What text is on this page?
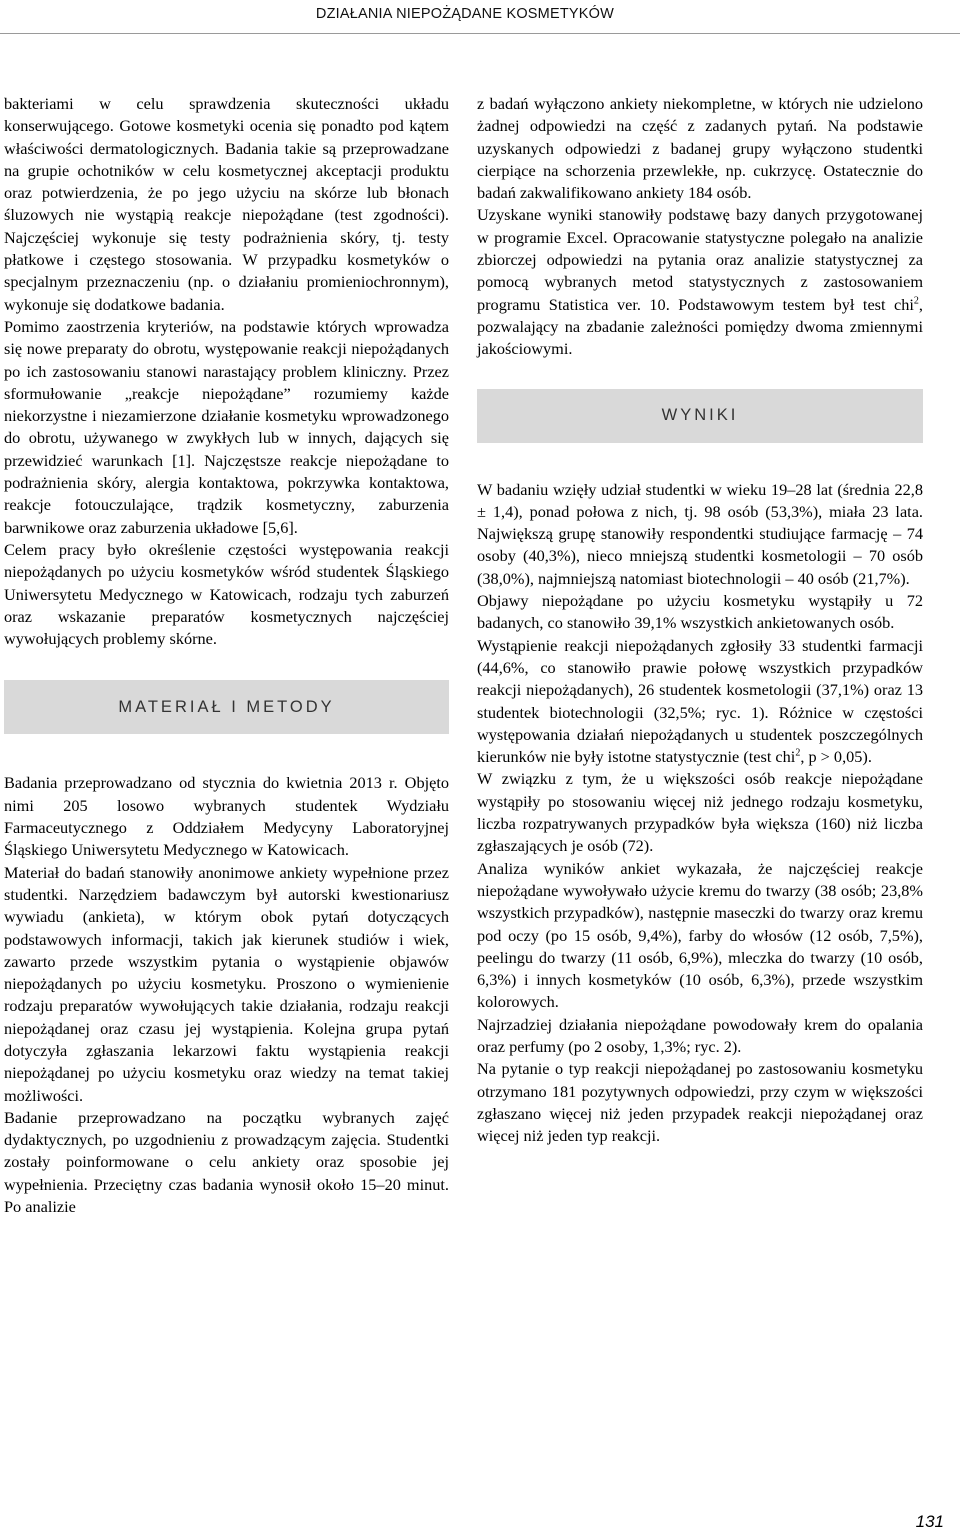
DZIAŁANIA NIEPOŻĄDANE KOSMETYKÓW

bakteriami w celu sprawdzenia skuteczności układu konserwującego. Gotowe kosmetyki ocenia się ponadto pod kątem właściwości dermatologicznych. Badania takie są przeprowadzane na grupie ochotników w celu kosmetycznej akceptacji produktu oraz potwierdzenia, że po jego użyciu na skórze lub błonach śluzowych nie wystąpią reakcje niepożądane (test zgodności). Najczęściej wykonuje się testy podrażnienia skóry, tj. testy płatkowe i częstego stosowania. W przypadku kosmetyków o specjalnym przeznaczeniu (np. o działaniu promieniochronnym), wykonuje się dodatkowe badania.

Pomimo zaostrzenia kryteriów, na podstawie których wprowadza się nowe preparaty do obrotu, występowanie reakcji niepożądanych po ich zastosowaniu stanowi narastający problem kliniczny. Przez sformułowanie „reakcje niepożądane” rozumiemy każde niekorzystne i niezamierzone działanie kosmetyku wprowadzonego do obrotu, używanego w zwykłych lub w innych, dających się przewidzieć warunkach [1]. Najczęstsze reakcje niepożądane to podrażnienia skóry, alergia kontaktowa, pokrzywka kontaktowa, reakcje fotouczulające, trądzik kosmetyczny, zaburzenia barwnikowe oraz zaburzenia układowe [5,6].

Celem pracy było określenie częstości występowania reakcji niepożądanych po użyciu kosmetyków wśród studentek Śląskiego Uniwersytetu Medycznego w Katowicach, rodzaju tych zaburzeń oraz wskazanie preparatów kosmetycznych najczęściej wywołujących problemy skórne.

MATERIAŁ I METODY

Badania przeprowadzano od stycznia do kwietnia 2013 r. Objęto nimi 205 losowo wybranych studentek Wydziału Farmaceutycznego z Oddziałem Medycyny Laboratoryjnej Śląskiego Uniwersytetu Medycznego w Katowicach.

Materiał do badań stanowiły anonimowe ankiety wypełnione przez studentki. Narzędziem badawczym był autorski kwestionariusz wywiadu (ankieta), w którym obok pytań dotyczących podstawowych informacji, takich jak kierunek studiów i wiek, zawarto przede wszystkim pytania o wystąpienie objawów niepożądanych po użyciu kosmetyku. Proszono o wymienienie rodzaju preparatów wywołujących takie działania, rodzaju reakcji niepożądanej oraz czasu jej wystąpienia. Kolejna grupa pytań dotyczyła zgłaszania lekarzowi faktu wystąpienia reakcji niepożądanej po użyciu kosmetyku oraz wiedzy na temat takiej możliwości.

Badanie przeprowadzano na początku wybranych zajęć dydaktycznych, po uzgodnieniu z prowadzącym zajęcia. Studentki zostały poinformowane o celu ankiety oraz sposobie jej wypełnienia. Przeciętny czas badania wynosił około 15–20 minut. Po analizie

z badań wyłączono ankiety niekompletne, w których nie udzielono żadnej odpowiedzi na część z zadanych pytań. Na podstawie uzyskanych odpowiedzi z badanej grupy wyłączono studentki cierpiące na schorzenia przewlekłe, np. cukrzycę. Ostatecznie do badań zakwalifikowano ankiety 184 osób.

Uzyskane wyniki stanowiły podstawę bazy danych przygotowanej w programie Excel. Opracowanie statystyczne polegało na analizie zbiorczej odpowiedzi na pytania oraz analizie statystycznej za pomocą wybranych metod statystycznych z zastosowaniem programu Statistica ver. 10. Podstawowym testem był test chi$^2$, pozwalający na zbadanie zależności pomiędzy dwoma zmiennymi jakościowymi.

WYNIKI

W badaniu wzięły udział studentki w wieku 19–28 lat (średnia 22,8 ± 1,4), ponad połowa z nich, tj. 98 osób (53,3%), miała 23 lata. Największą grupę stanowiły respondentki studiujące farmację – 74 osoby (40,3%), nieco mniejszą studentki kosmetologii – 70 osób (38,0%), najmniejszą natomiast biotechnologii – 40 osób (21,7%).

Objawy niepożądane po użyciu kosmetyku wystąpiły u 72 badanych, co stanowiło 39,1% wszystkich ankietowanych osób.

Wystąpienie reakcji niepożądanych zgłosiły 33 studentki farmacji (44,6%, co stanowiło prawie połowę wszystkich przypadków reakcji niepożądanych), 26 studentek kosmetologii (37,1%) oraz 13 studentek biotechnologii (32,5%; ryc. 1). Różnice w częstości występowania działań niepożądanych u studentek poszczególnych kierunków nie były istotne statystycznie (test chi$^2$, p > 0,05).

W związku z tym, że u większości osób reakcje niepożądane wystąpiły po stosowaniu więcej niż jednego rodzaju kosmetyku, liczba rozpatrywanych przypadków była większa (160) niż liczba zgłaszających je osób (72).

Analiza wyników ankiet wykazała, że najczęściej reakcje niepożądane wywoływało użycie kremu do twarzy (38 osób; 23,8% wszystkich przypadków), następnie maseczki do twarzy oraz kremu pod oczy (po 15 osób, 9,4%), farby do włosów (12 osób, 7,5%), peelingu do twarzy (11 osób, 6,9%), mleczka do twarzy (10 osób, 6,3%) i innych kosmetyków (10 osób, 6,3%), przede wszystkim kolorowych.

Najrzadziej działania niepożądane powodowały krem do opalania oraz perfumy (po 2 osoby, 1,3%; ryc. 2).

Na pytanie o typ reakcji niepożądanej po zastosowaniu kosmetyku otrzymano 181 pozytywnych odpowiedzi, przy czym w większości zgłaszano więcej niż jeden przypadek reakcji niepożądanej oraz więcej niż jeden typ reakcji.

131
